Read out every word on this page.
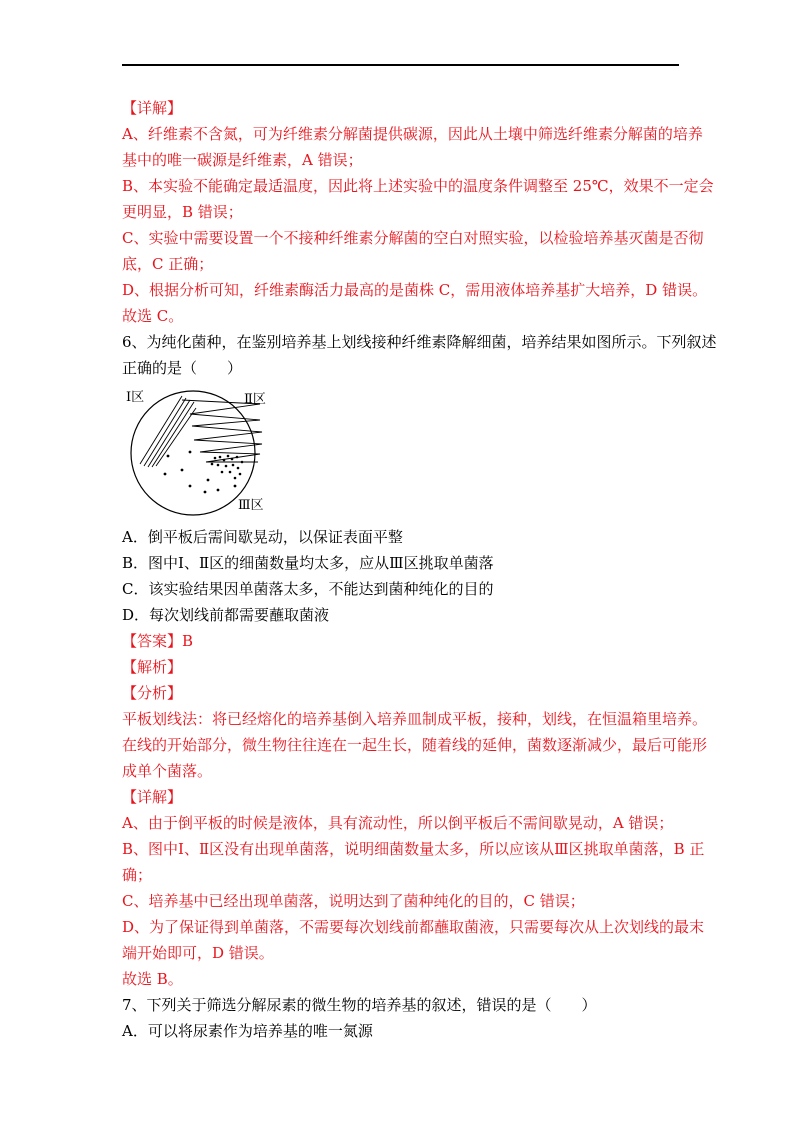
【详解】
A、纤维素不含氮，可为纤维素分解菌提供碳源，因此从土壤中筛选纤维素分解菌的培养
基中的唯一碳源是纤维素，A 错误；
B、本实验不能确定最适温度，因此将上述实验中的温度条件调整至 25℃，效果不一定会
更明显，B 错误；
C、实验中需要设置一个不接种纤维素分解菌的空白对照实验，以检验培养基灭菌是否彻
底，C 正确；
D、根据分析可知，纤维素酶活力最高的是菌株 C，需用液体培养基扩大培养，D 错误。
故选 C。
6、为纯化菌种，在鉴别培养基上划线接种纤维素降解细菌，培养结果如图所示。下列叙述
正确的是（　　）
Ⅰ区	Ⅱ区
Ⅲ区
A．倒平板后需间歇晃动，以保证表面平整
B．图中Ⅰ、Ⅱ区的细菌数量均太多，应从Ⅲ区挑取单菌落
C．该实验结果因单菌落太多，不能达到菌种纯化的目的
D．每次划线前都需要蘸取菌液
【答案】B
【解析】
【分析】
平板划线法：将已经熔化的培养基倒入培养皿制成平板，接种，划线，在恒温箱里培养。
在线的开始部分，微生物往往连在一起生长，随着线的延伸，菌数逐渐减少，最后可能形
成单个菌落。
【详解】
A、由于倒平板的时候是液体，具有流动性，所以倒平板后不需间歇晃动，A 错误；
B、图中Ⅰ、Ⅱ区没有出现单菌落，说明细菌数量太多，所以应该从Ⅲ区挑取单菌落，B 正
确；
C、培养基中已经出现单菌落，说明达到了菌种纯化的目的，C 错误；
D、为了保证得到单菌落，不需要每次划线前都蘸取菌液，只需要每次从上次划线的最末
端开始即可，D 错误。
故选 B。
7、下列关于筛选分解尿素的微生物的培养基的叙述，错误的是（　　）
A．可以将尿素作为培养基的唯一氮源
